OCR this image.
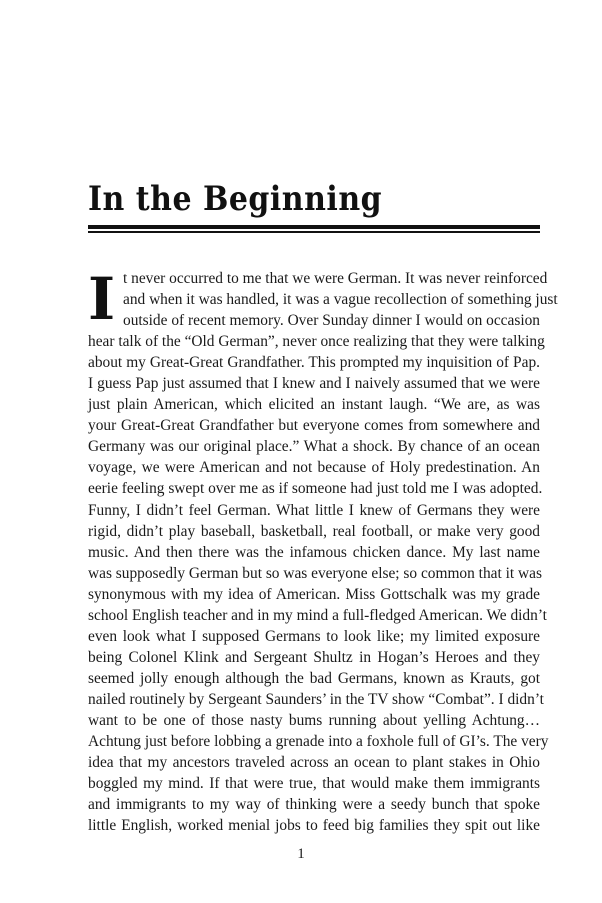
In the Beginning
I t never occurred to me that we were German. It was never reinforced
and when it was handled, it was a vague recollection of something just
outside of recent memory. Over Sunday dinner I would on occasion
hear talk of the “Old German”, never once realizing that they were talking
about my Great-Great Grandfather. This prompted my inquisition of Pap.
I guess Pap just assumed that I knew and I naively assumed that we were
just plain American, which elicited an instant laugh. “We are, as was
your Great-Great Grandfather but everyone comes from somewhere and
Germany was our original place.” What a shock. By chance of an ocean
voyage, we were American and not because of Holy predestination. An
eerie feeling swept over me as if someone had just told me I was adopted.
Funny, I didn’t feel German. What little I knew of Germans they were
rigid, didn’t play baseball, basketball, real football, or make very good
music. And then there was the infamous chicken dance. My last name
was supposedly German but so was everyone else; so common that it was
synonymous with my idea of American. Miss Gottschalk was my grade
school English teacher and in my mind a full-fledged American. We didn’t
even look what I supposed Germans to look like; my limited exposure
being Colonel Klink and Sergeant Shultz in Hogan’s Heroes and they
seemed jolly enough although the bad Germans, known as Krauts, got
nailed routinely by Sergeant Saunders’ in the TV show “Combat”. I didn’t
want to be one of those nasty bums running about yelling Achtung…
Achtung just before lobbing a grenade into a foxhole full of GI’s. The very
idea that my ancestors traveled across an ocean to plant stakes in Ohio
boggled my mind. If that were true, that would make them immigrants
and immigrants to my way of thinking were a seedy bunch that spoke
little English, worked menial jobs to feed big families they spit out like
1
